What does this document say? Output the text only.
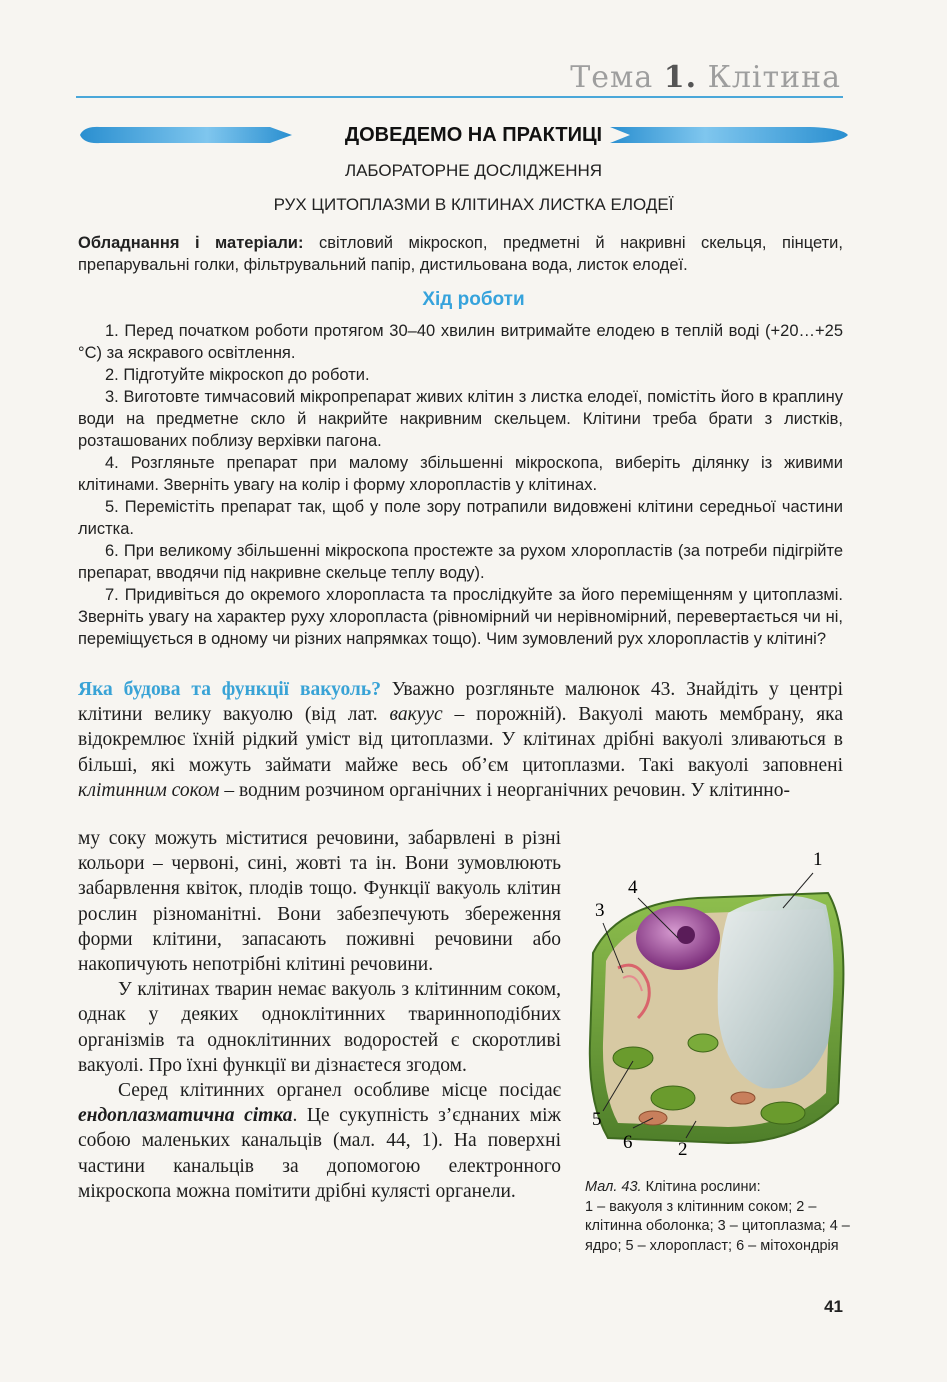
Тема 1. Клітина
ДОВЕДЕМО НА ПРАКТИЦІ
ЛАБОРАТОРНЕ ДОСЛІДЖЕННЯ
РУХ ЦИТОПЛАЗМИ В КЛІТИНАХ ЛИСТКА ЕЛОДЕЇ
Обладнання і матеріали: світловий мікроскоп, предметні й накривні скельця, пінцети, препарувальні голки, фільтрувальний папір, дистильована вода, листок елодеї.
Хід роботи

1. Перед початком роботи протягом 30–40 хвилин витримайте елодею в теплій воді (+20…+25 °C) за яскравого освітлення.

2. Підготуйте мікроскоп до роботи.

3. Виготовте тимчасовий мікропрепарат живих клітин з листка елодеї, помістіть його в краплину води на предметне скло й накрийте накривним скельцем. Клітини треба брати з листків, розташованих поблизу верхівки пагона.

4. Розгляньте препарат при малому збільшенні мікроскопа, виберіть ділянку із живими клітинами. Зверніть увагу на колір і форму хлоропластів у клітинах.

5. Перемістіть препарат так, щоб у поле зору потрапили видовжені клітини середньої частини листка.

6. При великому збільшенні мікроскопа простежте за рухом хлоропластів (за потреби підігрійте препарат, вводячи під накривне скельце теплу воду).

7. Придивіться до окремого хлоропласта та прослідкуйте за його переміщенням у цитоплазмі. Зверніть увагу на характер руху хлоропласта (рівномірний чи нерівномірний, перевертається чи ні, переміщується в одному чи різних напрямках тощо). Чим зумовлений рух хлоропластів у клітині?

Яка будова та функції вакуоль? Уважно розгляньте малюнок 43. Знайдіть у центрі клітини велику вакуолю (від лат. вакуус – порожній). Вакуолі мають мембрану, яка відокремлює їхній рідкий уміст від цитоплазми. У клітинах дрібні вакуолі зливаються в більші, які можуть займати майже весь об’єм цитоплазми. Такі вакуолі заповнені клітинним соком – водним розчином органічних і неорганічних речовин. У клітинно-

му соку можуть міститися речовини, забарвлені в різні кольори – червоні, сині, жовті та ін. Вони зумовлюють забарвлення квіток, плодів тощо. Функції вакуоль клітин рослин різноманітні. Вони забезпечують збереження форми клітини, запасають поживні речовини або накопичують непотрібні клітині речовини.

У клітинах тварин немає вакуоль з клітинним соком, однак у деяких одноклітинних тваринноподібних організмів та одноклітинних водоростей є скоротливі вакуолі. Про їхні функції ви дізнаєтеся згодом.

Серед клітинних органел особливе місце посідає ендоплазматична сітка. Це сукупність з’єднаних між собою маленьких канальців (мал. 44, 1). На поверхні частини канальців за допомогою електронного мікроскопа можна помітити дрібні кулясті органели.

1
2
3
4
5
6
Мал. 43. Клітина рослини:
1 – вакуоля з клітинним соком; 2 – клітинна оболонка; 3 – цитоплазма; 4 – ядро; 5 – хлоропласт; 6 – мітохондрія
41
